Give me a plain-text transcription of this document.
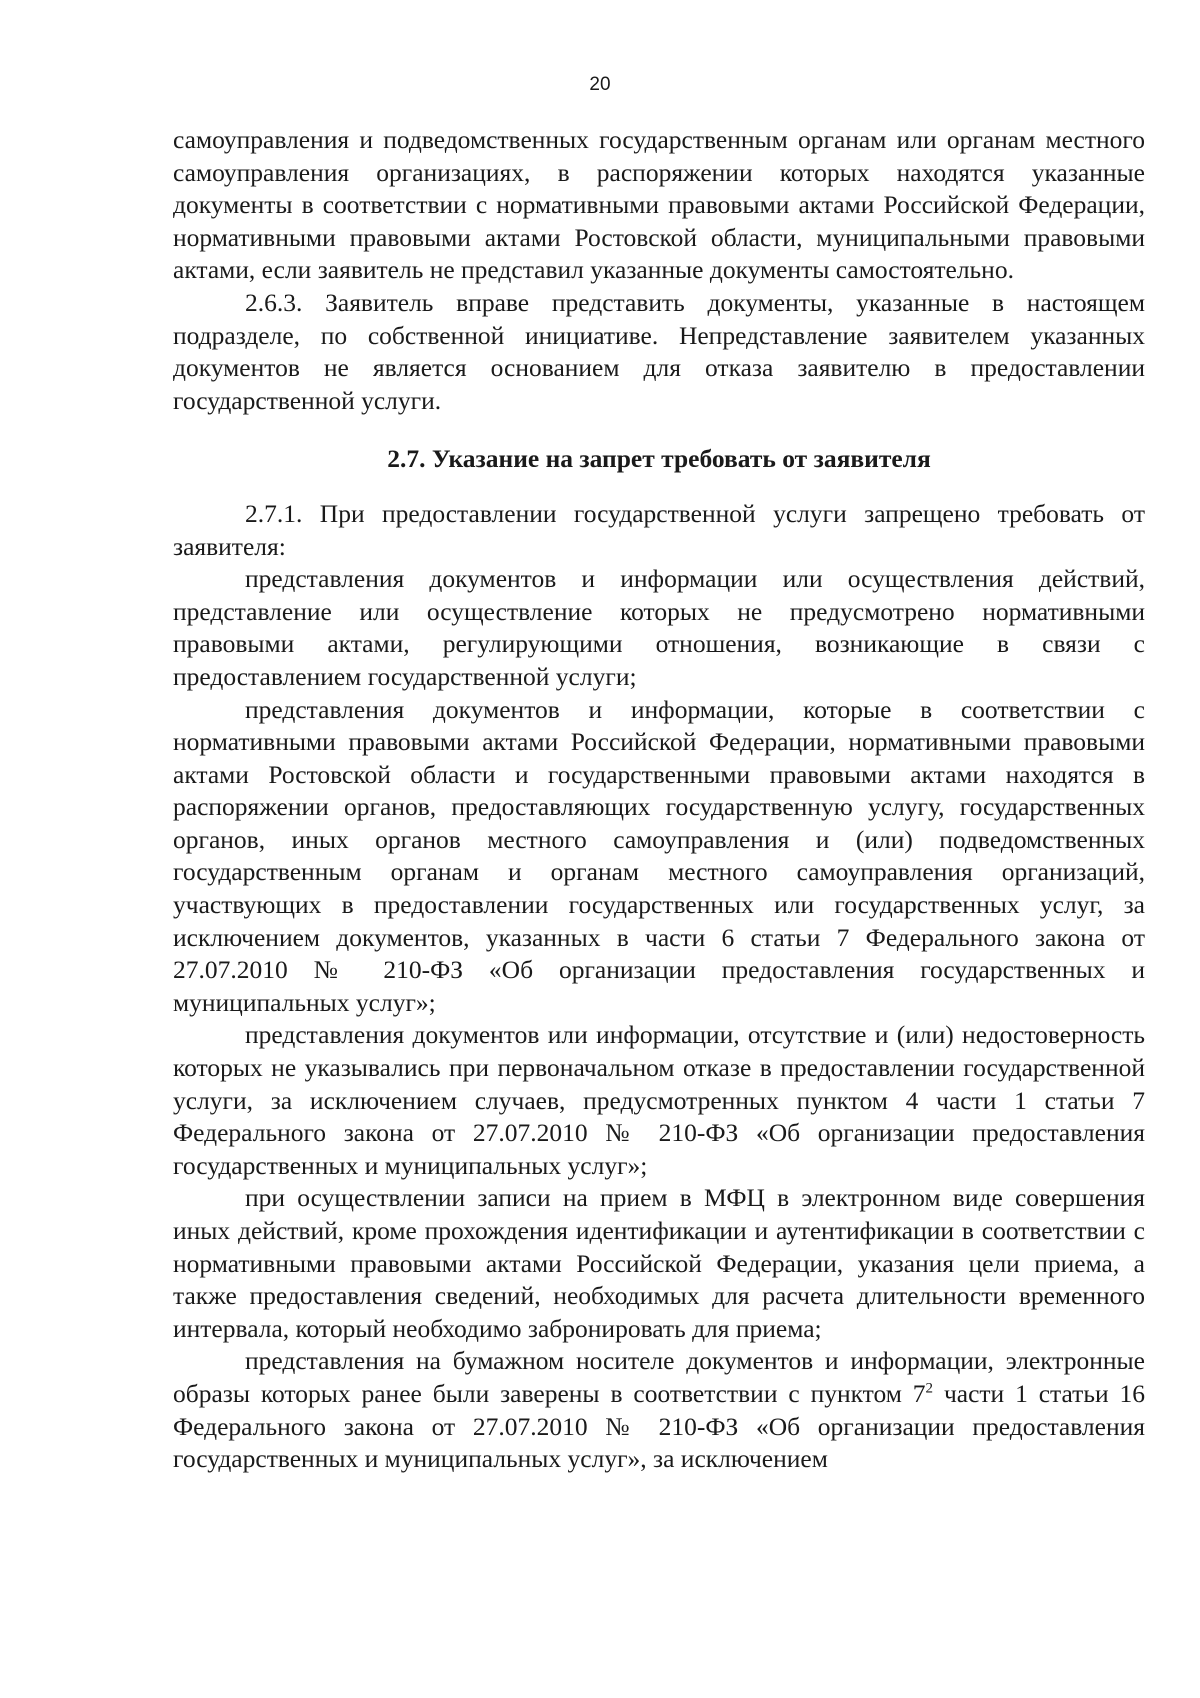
20

самоуправления и подведомственных государственным органам или органам местного самоуправления организациях, в распоряжении которых находятся указанные документы в соответствии с нормативными правовыми актами Российской Федерации, нормативными правовыми актами Ростовской области, муниципальными правовыми актами, если заявитель не представил указанные документы самостоятельно.

2.6.3. Заявитель вправе представить документы, указанные в настоящем подразделе, по собственной инициативе. Непредставление заявителем указанных документов не является основанием для отказа заявителю в предоставлении государственной услуги.

2.7. Указание на запрет требовать от заявителя

2.7.1. При предоставлении государственной услуги запрещено требовать от заявителя:

представления документов и информации или осуществления действий, представление или осуществление которых не предусмотрено нормативными правовыми актами, регулирующими отношения, возникающие в связи с предоставлением государственной услуги;

представления документов и информации, которые в соответствии с нормативными правовыми актами Российской Федерации, нормативными правовыми актами Ростовской области и государственными правовыми актами находятся в распоряжении органов, предоставляющих государственную услугу, государственных органов, иных органов местного самоуправления и (или) подведомственных государственным органам и органам местного самоуправления организаций, участвующих в предоставлении государственных или государственных услуг, за исключением документов, указанных в части 6 статьи 7 Федерального закона от 27.07.2010 № 210-ФЗ «Об организации предоставления государственных и муниципальных услуг»;

представления документов или информации, отсутствие и (или) недостоверность которых не указывались при первоначальном отказе в предоставлении государственной услуги, за исключением случаев, предусмотренных пунктом 4 части 1 статьи 7 Федерального закона от 27.07.2010 № 210-ФЗ «Об организации предоставления государственных и муниципальных услуг»;

при осуществлении записи на прием в МФЦ в электронном виде совершения иных действий, кроме прохождения идентификации и аутентификации в соответствии с нормативными правовыми актами Российской Федерации, указания цели приема, а также предоставления сведений, необходимых для расчета длительности временного интервала, который необходимо забронировать для приема;

представления на бумажном носителе документов и информации, электронные образы которых ранее были заверены в соответствии с пунктом $7^2$ части 1 статьи 16 Федерального закона от 27.07.2010 № 210-ФЗ «Об организации предоставления государственных и муниципальных услуг», за исключением
